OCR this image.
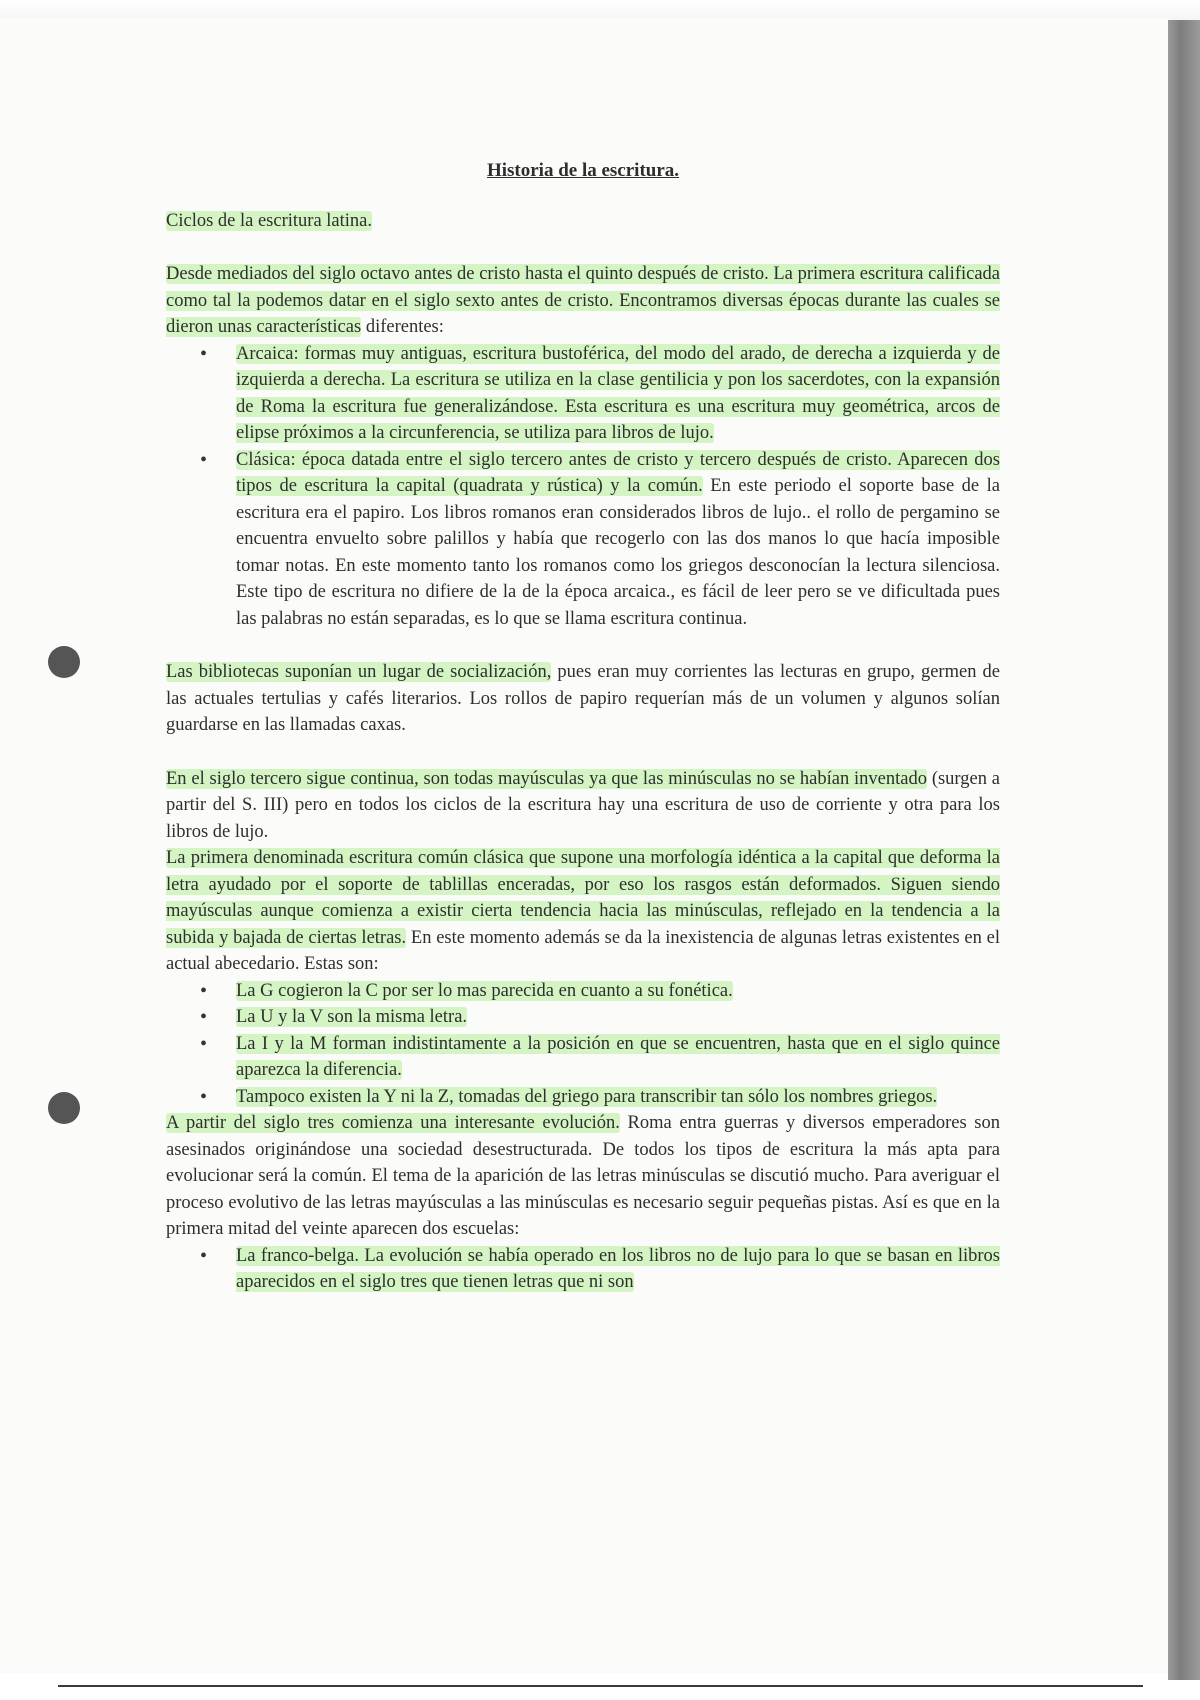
Historia de la escritura.

Ciclos de la escritura latina.

Desde mediados del siglo octavo antes de cristo hasta el quinto después de cristo. La primera escritura calificada como tal la podemos datar en el siglo sexto antes de cristo. Encontramos diversas épocas durante las cuales se dieron unas características diferentes:

• Arcaica: formas muy antiguas, escritura bustoférica, del modo del arado, de derecha a izquierda y de izquierda a derecha. La escritura se utiliza en la clase gentilicia y pon los sacerdotes, con la expansión de Roma la escritura fue generalizándose. Esta escritura es una escritura muy geométrica, arcos de elipse próximos a la circunferencia, se utiliza para libros de lujo.
• Clásica: época datada entre el siglo tercero antes de cristo y tercero después de cristo. Aparecen dos tipos de escritura la capital (quadrata y rústica) y la común. En este periodo el soporte base de la escritura era el papiro. Los libros romanos eran considerados libros de lujo.. el rollo de pergamino se encuentra envuelto sobre palillos y había que recogerlo con las dos manos lo que hacía imposible tomar notas. En este momento tanto los romanos como los griegos desconocían la lectura silenciosa. Este tipo de escritura no difiere de la de la época arcaica., es fácil de leer pero se ve dificultada pues las palabras no están separadas, es lo que se llama escritura continua.

Las bibliotecas suponían un lugar de socialización, pues eran muy corrientes las lecturas en grupo, germen de las actuales tertulias y cafés literarios. Los rollos de papiro requerían más de un volumen y algunos solían guardarse en las llamadas caxas.

En el siglo tercero sigue continua, son todas mayúsculas ya que las minúsculas no se habían inventado (surgen a partir del S. III) pero en todos los ciclos de la escritura hay una escritura de uso de corriente y otra para los libros de lujo.

La primera denominada escritura común clásica que supone una morfología idéntica a la capital que deforma la letra ayudado por el soporte de tablillas enceradas, por eso los rasgos están deformados. Siguen siendo mayúsculas aunque comienza a existir cierta tendencia hacia las minúsculas, reflejado en la tendencia a la subida y bajada de ciertas letras. En este momento además se da la inexistencia de algunas letras existentes en el actual abecedario. Estas son:

• La G cogieron la C por ser lo mas parecida en cuanto a su fonética.
• La U y la V son la misma letra.
• La I y la M forman indistintamente a la posición en que se encuentren, hasta que en el siglo quince aparezca la diferencia.
• Tampoco existen la Y ni la Z, tomadas del griego para transcribir tan sólo los nombres griegos.

A partir del siglo tres comienza una interesante evolución. Roma entra guerras y diversos emperadores son asesinados originándose una sociedad desestructurada. De todos los tipos de escritura la más apta para evolucionar será la común. El tema de la aparición de las letras minúsculas se discutió mucho. Para averiguar el proceso evolutivo de las letras mayúsculas a las minúsculas es necesario seguir pequeñas pistas. Así es que en la primera mitad del veinte aparecen dos escuelas:

• La franco-belga. La evolución se había operado en los libros no de lujo para lo que se basan en libros aparecidos en el siglo tres que tienen letras que ni son
